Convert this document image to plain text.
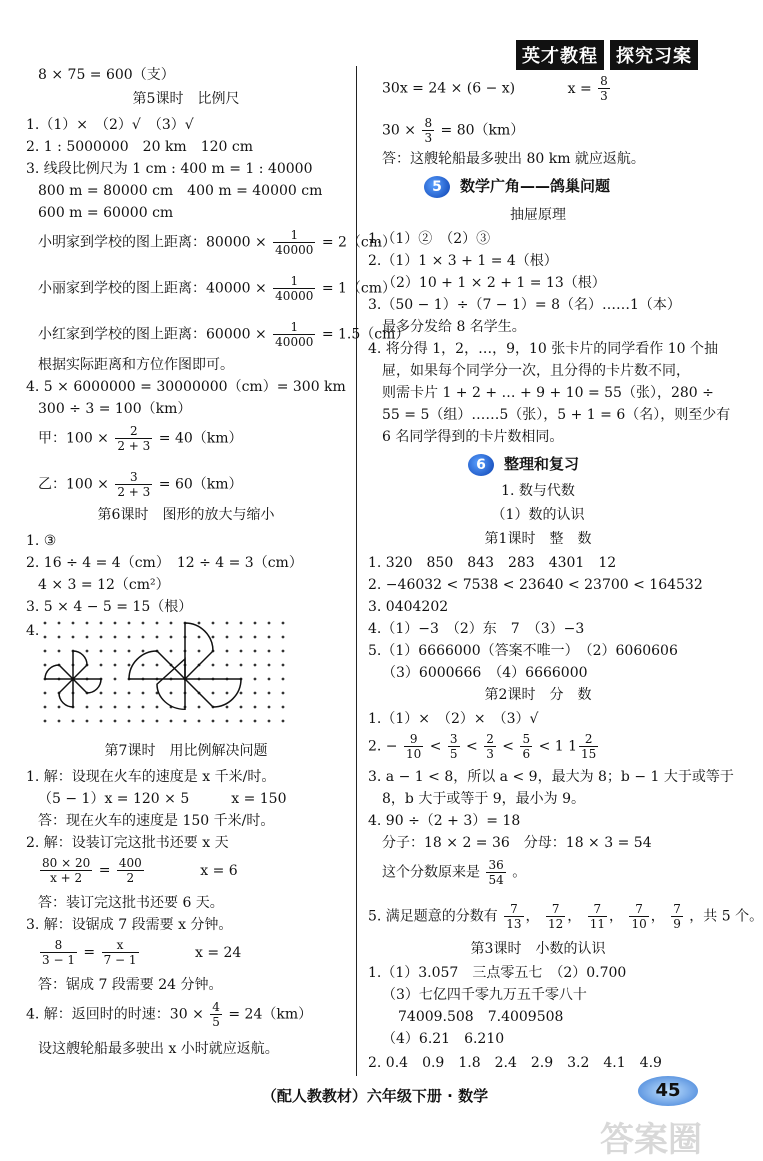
英才教程	探究习案
8 × 75 = 600（支）
第5课时　比例尺
1.（1）×　（2）√　（3）√
2. 1 : 5000000　20 km　120 cm
3. 线段比例尺为 1 cm : 400 m = 1 : 40000
800 m = 80000 cm　400 m = 40000 cm
600 m = 60000 cm
小明家到学校的图上距离：$80000 \times \frac{1}{40000} = 2(cm)$
小丽家到学校的图上距离：$40000 \times \frac{1}{40000} = 1(cm)$
小红家到学校的图上距离：$60000 \times \frac{1}{40000} = 1.5(cm)$
根据实际距离和方位作图即可。
4. 5 × 6000000 = 30000000（cm）= 300 km
300 ÷ 3 = 100（km）
甲：$100 \times \frac{2}{2 + 3} = 40(km)$
乙：$100 \times \frac{3}{2 + 3} = 60(km)$
第6课时　图形的放大与缩小
1. ③
2. 16 ÷ 4 = 4（cm）　12 ÷ 4 = 3（cm）
4 × 3 = 12（cm²）
3. 5 × 4 − 5 = 15（根）
4.
第7课时　用比例解决问题
1. 解：设现在火车的速度是 x 千米/时。
（5 − 1）x = 120 × 5　　　x = 150
答：现在火车的速度是 150 千米/时。
2. 解：设装订完这批书还要 x 天
$\frac{80 \times 20}{x + 2} = \frac{400}{2}$	x = 6
答：装订完这批书还要 6 天。
3. 解：设锯成 7 段需要 x 分钟。
$\frac{8}{3 - 1} = \frac{x}{7 - 1}$	x = 24
答：锯成 7 段需要 24 分钟。
4. 解：返回时的时速：$30 \times \frac{4}{5} = 24(km)$
设这艘轮船最多驶出 x 小时就应返航。
30x = 24 × (6 − x)	$x = \frac{8}{3}$
$30 \times \frac{8}{3} = 80(km)$
答：这艘轮船最多驶出 80 km 就应返航。
5 数学广角——鸽巢问题
抽屉原理
1.（1）②　（2）③
2.（1）1 × 3 + 1 = 4（根）
（2）10 + 1 × 2 + 1 = 13（根）
3.（50 − 1）÷（7 − 1）= 8（名）……1（本）
最多分发给 8 名学生。
4. 将分得 1，2，…，9，10 张卡片的同学看作 10 个抽
屉，如果每个同学分一次，且分得的卡片数不同，
则需卡片 1 + 2 + … + 9 + 10 = 55（张），280 ÷
55 = 5（组）……5（张），5 + 1 = 6（名），则至少有
6 名同学得到的卡片数相同。
6 整理和复习
1. 数与代数
（1）数的认识
第1课时　整　数
1. 320　850　843　283　4301　12
2. −46032 < 7538 < 23640 < 23700 < 164532
3. 0404202
4.（1）−3　（2）东　7　（3）−3
5.（1）6666000（答案不唯一）　（2）6060606
（3）6000666　（4）6666000
第2课时　分　数
1.（1）×　（2）×　（3）√
2. − $\frac{9}{10} < \frac{3}{5} < \frac{2}{3} < \frac{5}{6} < 1$ $1 \frac{2}{15}$
3. a − 1 < 8，所以 a < 9，最大为 8；b − 1 大于或等于
8，b 大于或等于 9，最小为 9。
4. 90 ÷（2 + 3）= 18
分子：18 × 2 = 36　分母：18 × 3 = 54
这个分数原来是 $\frac{36}{54}$ 。
5. 满足题意的分数有 $\frac{7}{13}$ ， $\frac{7}{12}$ ， $\frac{7}{11}$ ， $\frac{7}{10}$ ， $\frac{7}{9}$ ，共 5 个。
第3课时　小数的认识
1.（1）3.057　三点零五七　（2）0.700
（3）七亿四千零九万五千零八十
74009.508　7.4009508
（4）6.21　6.210
2. 0.4　0.9　1.8　2.4　2.9　3.2　4.1　4.9
（配人教教材）六年级下册 · 数学	45
答案圈
